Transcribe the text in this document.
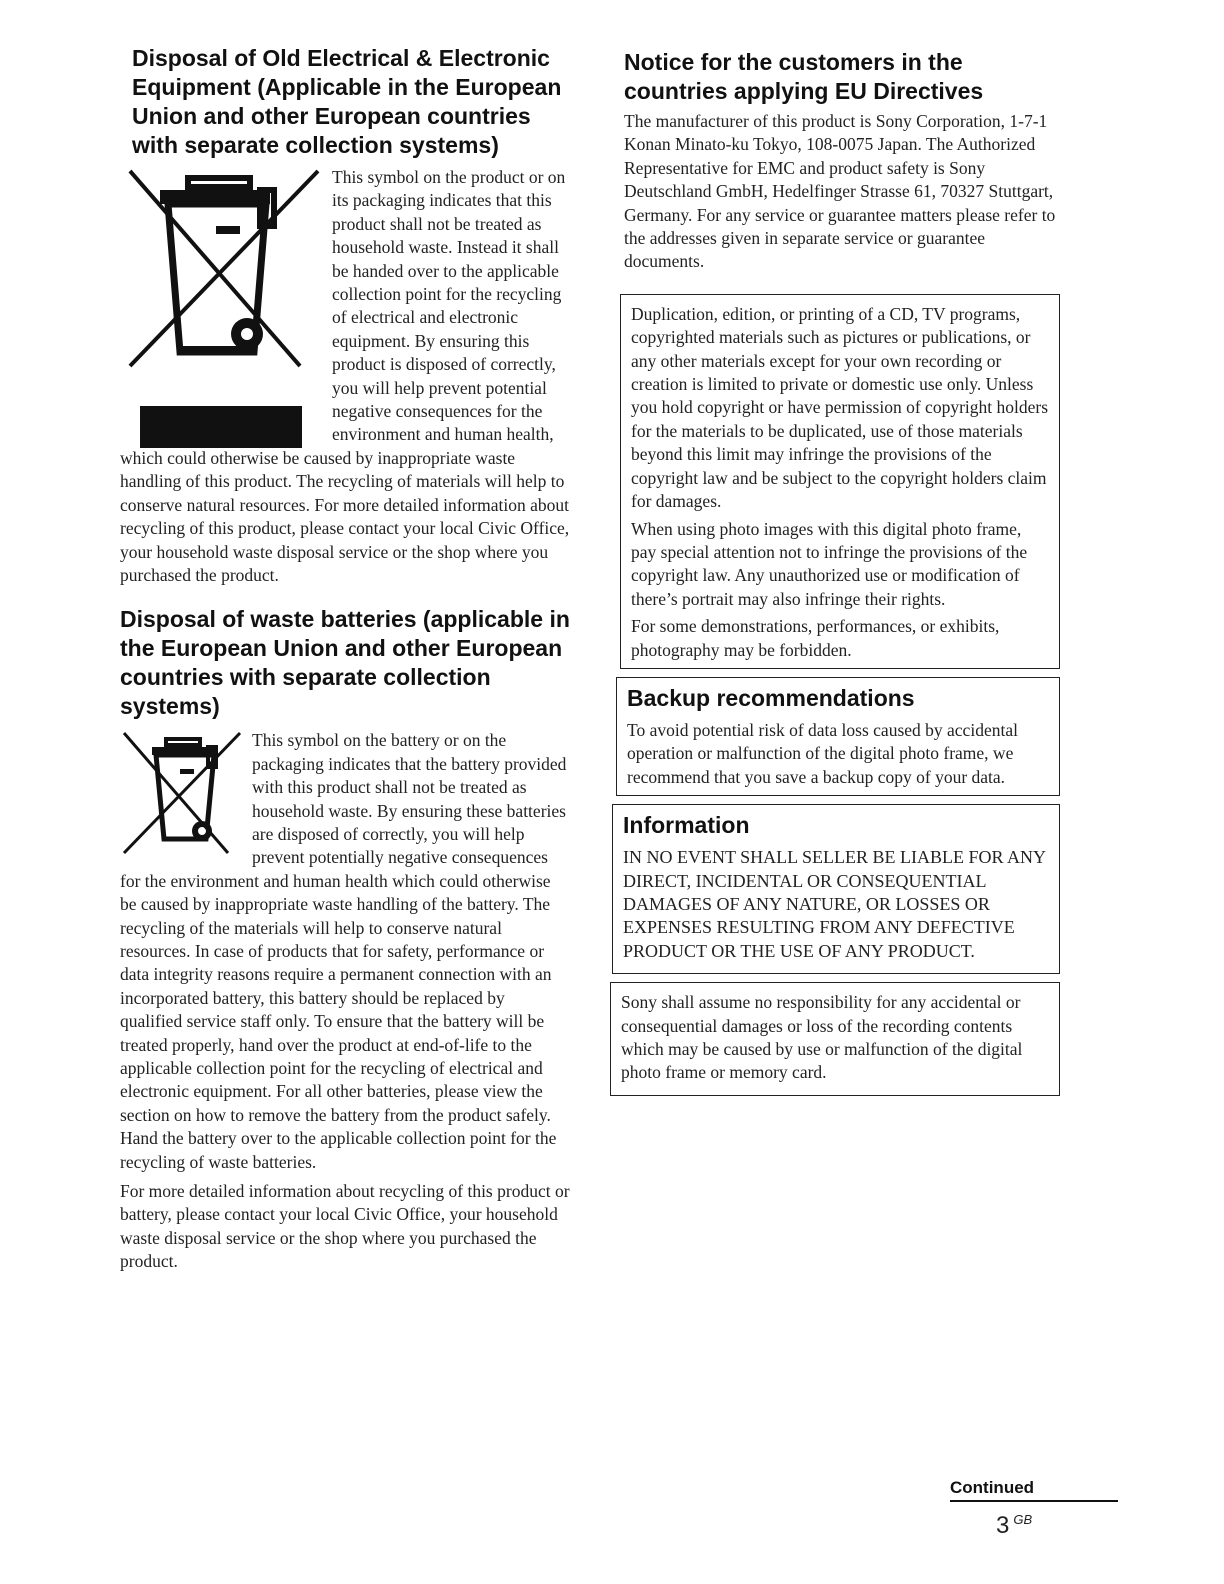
Disposal of Old Electrical & Electronic Equipment (Applicable in the European Union and other European countries with separate collection systems)

This symbol on the product or on its packaging indicates that this product shall not be treated as household waste. Instead it shall be handed over to the applicable collection point for the recycling of electrical and electronic equipment. By ensuring this product is disposed of correctly, you will help prevent potential negative consequences for the environment and human health, which could otherwise be caused by inappropriate waste handling of this product. The recycling of materials will help to conserve natural resources. For more detailed information about recycling of this product, please contact your local Civic Office, your household waste disposal service or the shop where you purchased the product.

Disposal of waste batteries (applicable in the European Union and other European countries with separate collection systems)

This symbol on the battery or on the packaging indicates that the battery provided with this product shall not be treated as household waste. By ensuring these batteries are disposed of correctly, you will help prevent potentially negative consequences for the environment and human health which could otherwise be caused by inappropriate waste handling of the battery. The recycling of the materials will help to conserve natural resources. In case of products that for safety, performance or data integrity reasons require a permanent connection with an incorporated battery, this battery should be replaced by qualified service staff only. To ensure that the battery will be treated properly, hand over the product at end-of-life to the applicable collection point for the recycling of electrical and electronic equipment. For all other batteries, please view the section on how to remove the battery from the product safely. Hand the battery over to the applicable collection point for the recycling of waste batteries.

For more detailed information about recycling of this product or battery, please contact your local Civic Office, your household waste disposal service or the shop where you purchased the product.

Notice for the customers in the countries applying EU Directives

The manufacturer of this product is Sony Corporation, 1-7-1 Konan Minato-ku Tokyo, 108-0075 Japan. The Authorized Representative for EMC and product safety is Sony Deutschland GmbH, Hedelfinger Strasse 61, 70327 Stuttgart, Germany. For any service or guarantee matters please refer to the addresses given in separate service or guarantee documents.

Duplication, edition, or printing of a CD, TV programs, copyrighted materials such as pictures or publications, or any other materials except for your own recording or creation is limited to private or domestic use only. Unless you hold copyright or have permission of copyright holders for the materials to be duplicated, use of those materials beyond this limit may infringe the provisions of the copyright law and be subject to the copyright holders claim for damages.

When using photo images with this digital photo frame, pay special attention not to infringe the provisions of the copyright law. Any unauthorized use or modification of there’s portrait may also infringe their rights.

For some demonstrations, performances, or exhibits, photography may be forbidden.

Backup recommendations

To avoid potential risk of data loss caused by accidental operation or malfunction of the digital photo frame, we recommend that you save a backup copy of your data.

Information

IN NO EVENT SHALL SELLER BE LIABLE FOR ANY DIRECT, INCIDENTAL OR CONSEQUENTIAL DAMAGES OF ANY NATURE, OR LOSSES OR EXPENSES RESULTING FROM ANY DEFECTIVE PRODUCT OR THE USE OF ANY PRODUCT.

Sony shall assume no responsibility for any accidental or consequential damages or loss of the recording contents which may be caused by use or malfunction of the digital photo frame or memory card.

Continued
3 $^{GB}$
